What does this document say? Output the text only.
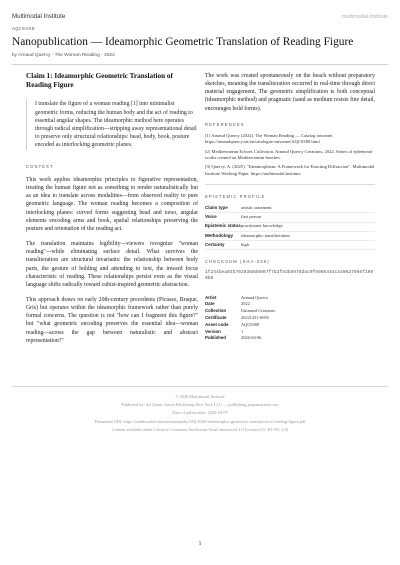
Multimodal Institute	multimodal.institute
AQC0380
Nanopublication — Ideamorphic Geometric Translation of Reading Figure
by Arnaud Quercy · The Woman Reading · 2022
Claim 1: Ideamorphic Geometric Translation of Reading Figure
I translate the figure of a woman reading [1] into minimalist geometric forms, reducing the human body and the act of reading to essential angular shapes. The ideamorphic method here operates through radical simplification—stripping away representational detail to preserve only structural relationships: head, body, book, posture encoded as interlocking geometric planes.
CONTEXT
This work applies ideamorphic principles to figurative representation, treating the human figure not as something to render naturalistically but as an idea to translate across modalities—from observed reality to pure geometric language. The woman reading becomes a composition of interlocking planes: curved forms suggesting head and torso, angular elements encoding arms and book, spatial relationships preserving the posture and orientation of the reading act.
The translation maintains legibility—viewers recognize "woman reading"—while eliminating surface detail. What survives the transliteration are structural invariants: the relationship between body parts, the gesture of holding and attending to text, the inward focus characteristic of reading. These relationships persist even as the visual language shifts radically toward cubist-inspired geometric abstraction.
This approach draws on early 20th-century precedents (Picasso, Braque, Gris) but operates within the ideamorphic framework rather than purely formal concerns. The question is not "how can I fragment this figure?" but "what geometric encoding preserves the essential idea—woman reading—across the gap between naturalistic and abstract representation?"
The work was created spontaneously on the beach without preparatory sketches, meaning the transliteration occurred in real-time through direct material engagement. The geometric simplification is both conceptual (ideamorphic method) and pragmatic (sand as medium resists fine detail, encourages bold forms).
REFERENCES
[1] Arnaud Quercy (2022). The Woman Reading — Catalog raisonné. https://arnaudquercy.art/en/catalogue-raisonne/AQC0380.html
[2] Mediterranean Echoes Collection. Arnaud Quercy Creations, 2022. Series of ephemeral works created on Mediterranean beaches.
[3] Quercy, A. (2025). "Ideamorphism: A Framework for Enacting Diffraction". Multimodal Institute Working Paper. https://multimodal.institute
EPISTEMIC PROFILE
Claim type	artistic statement
Voice	first person
Epistemic status	practitioner knowledge
Methodology	ideamorphic transliteration
Certainty	high
CHECKSUM (SHA-256)
1f244bea03b7020380d6987f7b3f83b6978dac0f6985444ca49627956f1990b8
Artist	Arnaud Quercy
Date	2022
Collection	Untamed Creations
Certificate	20221231-0050
Asset code	AQC0380
Version	1
Published	2026-04-06
© 2026 Multimodal Institute
Published by: Ad Quam-Artem Publishing New York LLC — publishing.ptquamartem.com
Date of publication: 2026-04-07
Permanent URL https://multimodal.institute/nanopubs/AQC0380-ideamorphic-geometric-translation-of-reading-figure.pdf
Content available under Creative Commons Attribution-NonCommercial 4.0 License (CC BY-NC 4.0)
1
